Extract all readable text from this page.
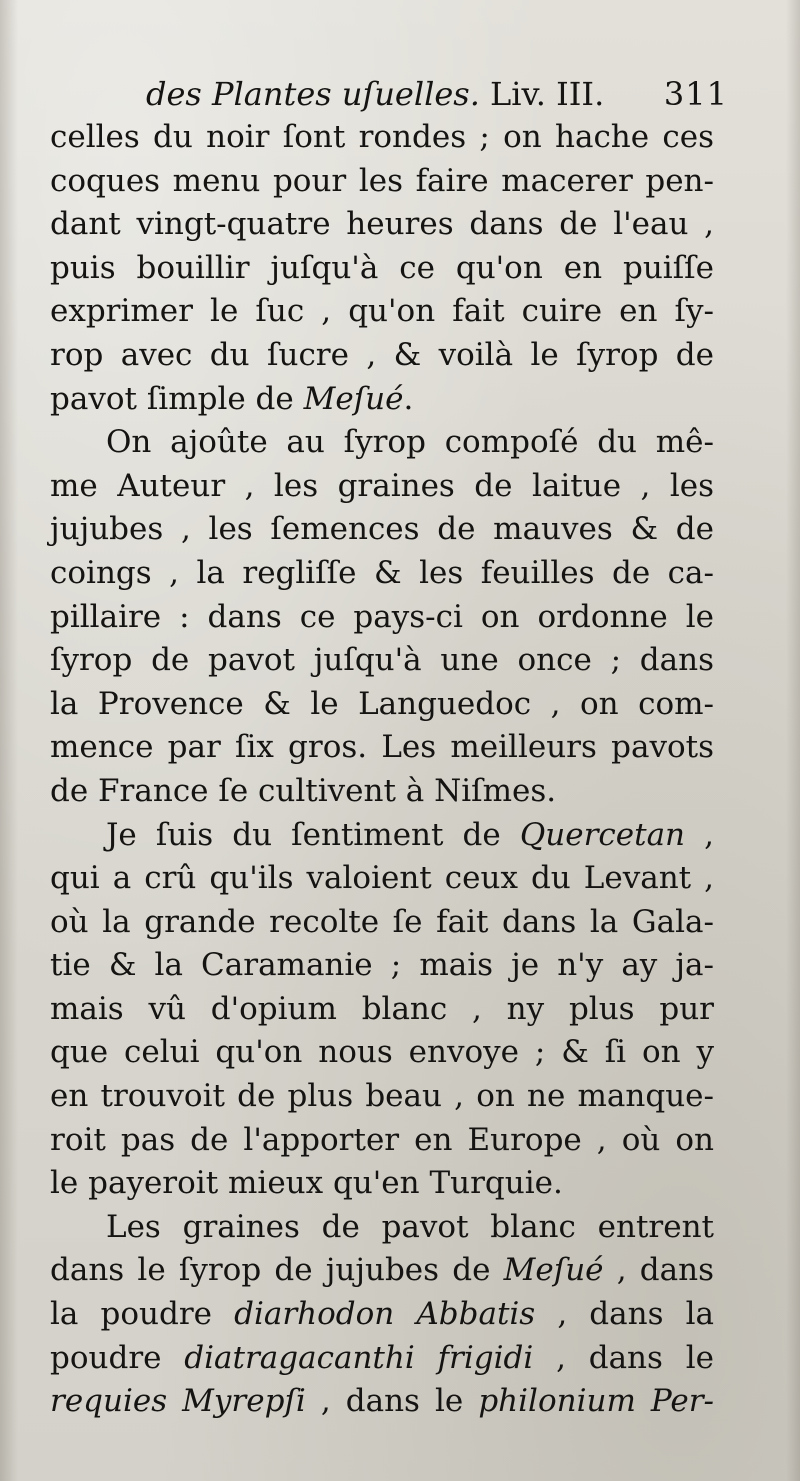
des Plantes uſuelles. Liv. III. 311
celles du noir ſont rondes ; on hache ces
coques menu pour les faire macerer pen-
dant vingt-quatre heures dans de l'eau ,
puis bouillir juſqu'à ce qu'on en puiſſe
exprimer le ſuc , qu'on fait cuire en ſy-
rop avec du ſucre , & voilà le ſyrop de
pavot ſimple de Meſué.
On ajoûte au ſyrop compoſé du mê-
me Auteur , les graines de laitue , les
jujubes , les ſemences de mauves & de
coings , la regliſſe & les feuilles de ca-
pillaire : dans ce pays-ci on ordonne le
ſyrop de pavot juſqu'à une once ; dans
la Provence & le Languedoc , on com-
mence par ſix gros. Les meilleurs pavots
de France ſe cultivent à Niſmes.
Je ſuis du ſentiment de Quercetan ,
qui a crû qu'ils valoient ceux du Levant ,
où la grande recolte ſe fait dans la Gala-
tie & la Caramanie ; mais je n'y ay ja-
mais vû d'opium blanc , ny plus pur
que celui qu'on nous envoye ; & ſi on y
en trouvoit de plus beau , on ne manque-
roit pas de l'apporter en Europe , où on
le payeroit mieux qu'en Turquie.
Les graines de pavot blanc entrent
dans le ſyrop de jujubes de Meſué , dans
la poudre diarhodon Abbatis , dans la
poudre diatragacanthi frigidi , dans le
requies Myrepſi , dans le philonium Per-
